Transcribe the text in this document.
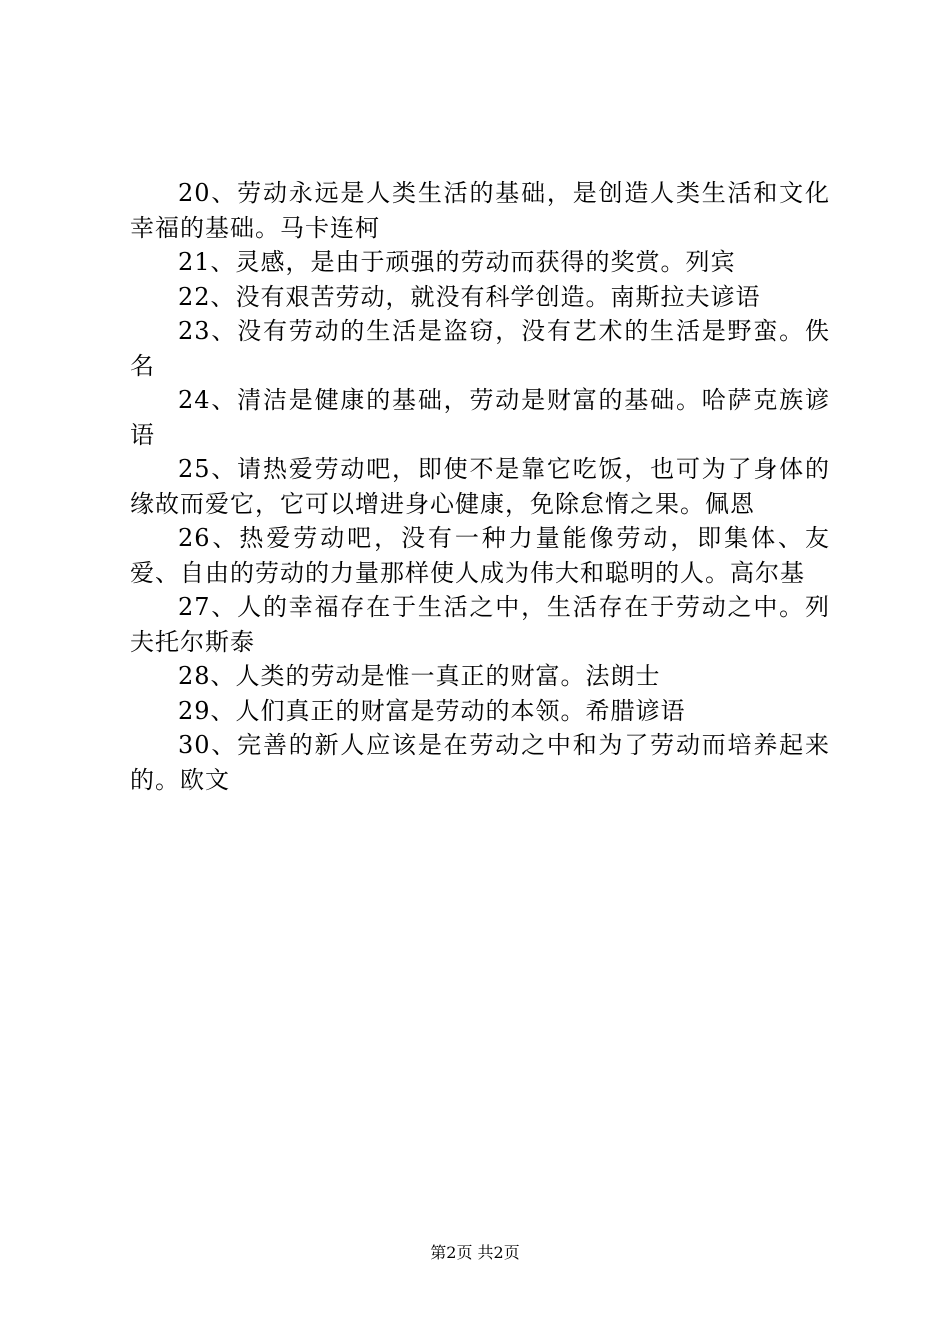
20、劳动永远是人类生活的基础，是创造人类生活和文化幸福的基础。马卡连柯

21、灵感，是由于顽强的劳动而获得的奖赏。列宾

22、没有艰苦劳动，就没有科学创造。南斯拉夫谚语

23、没有劳动的生活是盗窃，没有艺术的生活是野蛮。佚名

24、清洁是健康的基础，劳动是财富的基础。哈萨克族谚语

25、请热爱劳动吧，即使不是靠它吃饭，也可为了身体的缘故而爱它，它可以增进身心健康，免除怠惰之果。佩恩

26、热爱劳动吧，没有一种力量能像劳动，即集体、友爱、自由的劳动的力量那样使人成为伟大和聪明的人。高尔基

27、人的幸福存在于生活之中，生活存在于劳动之中。列夫托尔斯泰

28、人类的劳动是惟一真正的财富。法朗士

29、人们真正的财富是劳动的本领。希腊谚语

30、完善的新人应该是在劳动之中和为了劳动而培养起来的。欧文

第2页 共2页
